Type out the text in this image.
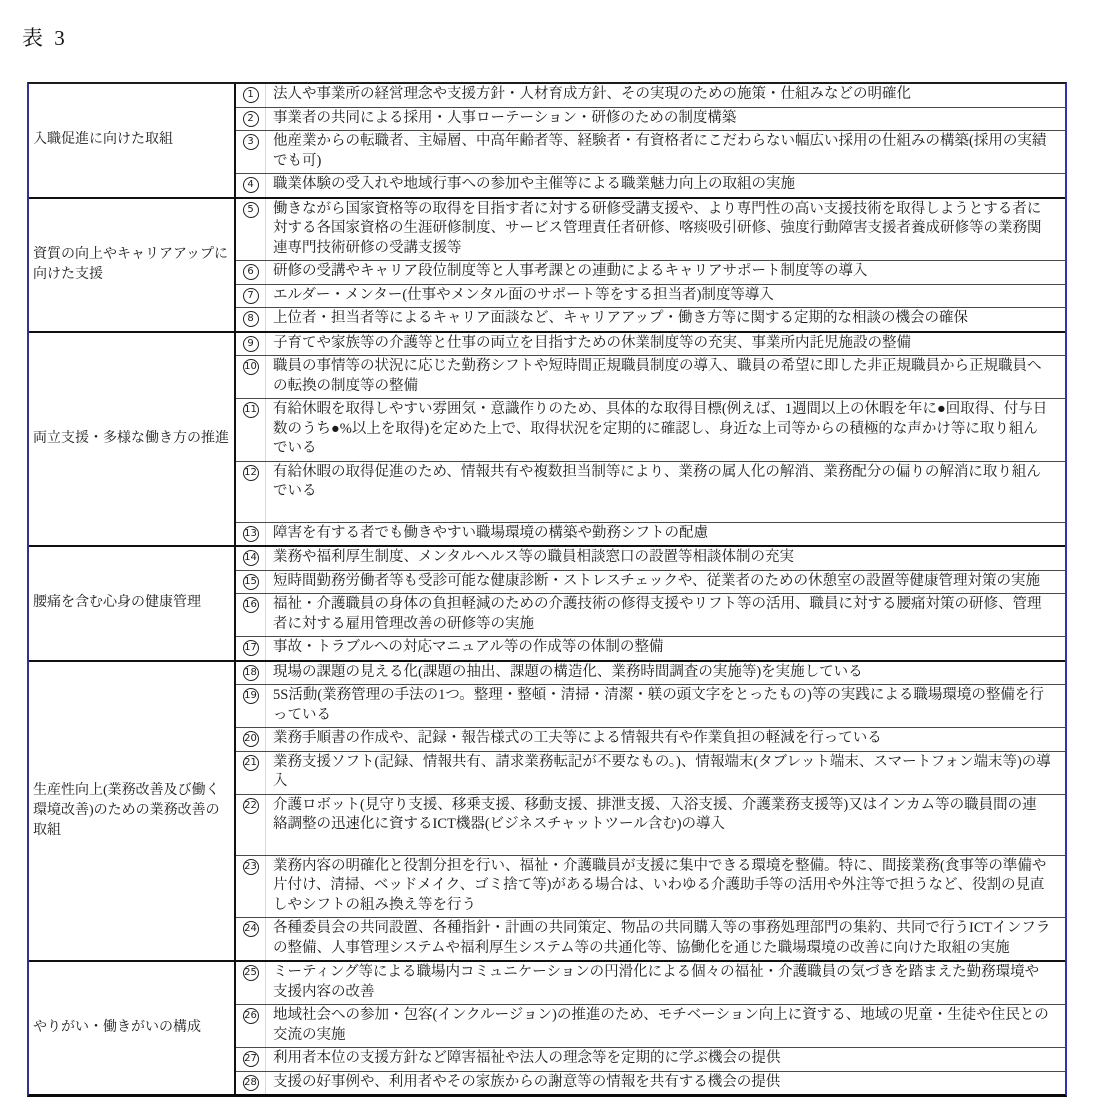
表 3
入職促進に向けた取組
1	法人や事業所の経営理念や支援方針・人材育成方針、その実現のための施策・仕組みなどの明確化
2	事業者の共同による採用・人事ローテーション・研修のための制度構築
3	他産業からの転職者、主婦層、中高年齢者等、経験者・有資格者にこだわらない幅広い採用の仕組みの構築(採用の実績でも可)
4	職業体験の受入れや地域行事への参加や主催等による職業魅力向上の取組の実施
資質の向上やキャリアアップに向けた支援
5	働きながら国家資格等の取得を目指す者に対する研修受講支援や、より専門性の高い支援技術を取得しようとする者に対する各国家資格の生涯研修制度、サービス管理責任者研修、喀痰吸引研修、強度行動障害支援者養成研修等の業務関連専門技術研修の受講支援等
6	研修の受講やキャリア段位制度等と人事考課との連動によるキャリアサポート制度等の導入
7	エルダー・メンター(仕事やメンタル面のサポート等をする担当者)制度等導入
8	上位者・担当者等によるキャリア面談など、キャリアアップ・働き方等に関する定期的な相談の機会の確保
両立支援・多様な働き方の推進
9	子育てや家族等の介護等と仕事の両立を目指すための休業制度等の充実、事業所内託児施設の整備
10	職員の事情等の状況に応じた勤務シフトや短時間正規職員制度の導入、職員の希望に即した非正規職員から正規職員への転換の制度等の整備
11	有給休暇を取得しやすい雰囲気・意識作りのため、具体的な取得目標(例えば、1週間以上の休暇を年に●回取得、付与日数のうち●%以上を取得)を定めた上で、取得状況を定期的に確認し、身近な上司等からの積極的な声かけ等に取り組んでいる
12	有給休暇の取得促進のため、情報共有や複数担当制等により、業務の属人化の解消、業務配分の偏りの解消に取り組んでいる
13	障害を有する者でも働きやすい職場環境の構築や勤務シフトの配慮
腰痛を含む心身の健康管理
14	業務や福利厚生制度、メンタルヘルス等の職員相談窓口の設置等相談体制の充実
15	短時間勤務労働者等も受診可能な健康診断・ストレスチェックや、従業者のための休憩室の設置等健康管理対策の実施
16	福祉・介護職員の身体の負担軽減のための介護技術の修得支援やリフト等の活用、職員に対する腰痛対策の研修、管理者に対する雇用管理改善の研修等の実施
17	事故・トラブルへの対応マニュアル等の作成等の体制の整備
生産性向上(業務改善及び働く環境改善)のための業務改善の取組
18	現場の課題の見える化(課題の抽出、課題の構造化、業務時間調査の実施等)を実施している
19	5S活動(業務管理の手法の1つ。整理・整頓・清掃・清潔・躾の頭文字をとったもの)等の実践による職場環境の整備を行っている
20	業務手順書の作成や、記録・報告様式の工夫等による情報共有や作業負担の軽減を行っている
21	業務支援ソフト(記録、情報共有、請求業務転記が不要なもの。)、情報端末(タブレット端末、スマートフォン端末等)の導入
22	介護ロボット(見守り支援、移乗支援、移動支援、排泄支援、入浴支援、介護業務支援等)又はインカム等の職員間の連絡調整の迅速化に資するICT機器(ビジネスチャットツール含む)の導入
23	業務内容の明確化と役割分担を行い、福祉・介護職員が支援に集中できる環境を整備。特に、間接業務(食事等の準備や片付け、清掃、ベッドメイク、ゴミ捨て等)がある場合は、いわゆる介護助手等の活用や外注等で担うなど、役割の見直しやシフトの組み換え等を行う
24	各種委員会の共同設置、各種指針・計画の共同策定、物品の共同購入等の事務処理部門の集約、共同で行うICTインフラの整備、人事管理システムや福利厚生システム等の共通化等、協働化を通じた職場環境の改善に向けた取組の実施
やりがい・働きがいの構成
25	ミーティング等による職場内コミュニケーションの円滑化による個々の福祉・介護職員の気づきを踏まえた勤務環境や支援内容の改善
26	地域社会への参加・包容(インクルージョン)の推進のため、モチベーション向上に資する、地域の児童・生徒や住民との交流の実施
27	利用者本位の支援方針など障害福祉や法人の理念等を定期的に学ぶ機会の提供
28	支援の好事例や、利用者やその家族からの謝意等の情報を共有する機会の提供
